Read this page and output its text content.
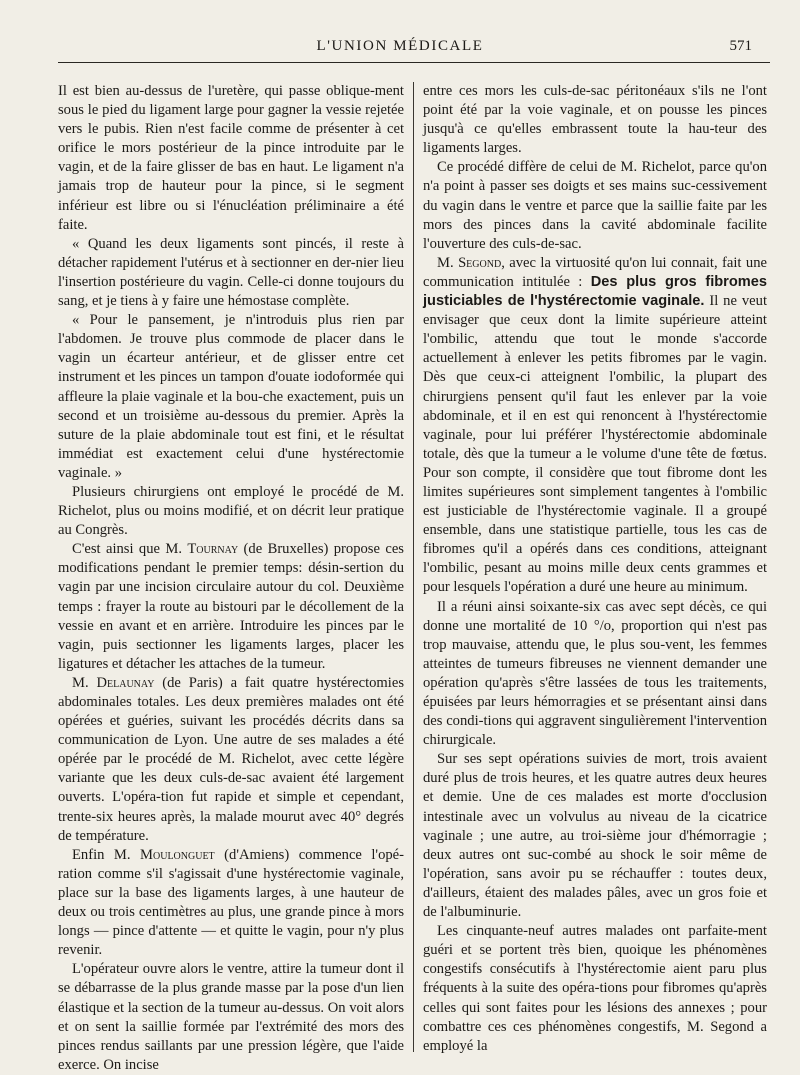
L'UNION MÉDICALE	571

Il est bien au-dessus de l'uretère, qui passe oblique-ment sous le pied du ligament large pour gagner la vessie rejetée vers le pubis. Rien n'est facile comme de présenter à cet orifice le mors postérieur de la pince introduite par le vagin, et de la faire glisser de bas en haut. Le ligament n'a jamais trop de hauteur pour la pince, si le segment inférieur est libre ou si l'énucléation préliminaire a été faite.

« Quand les deux ligaments sont pincés, il reste à détacher rapidement l'utérus et à sectionner en der-nier lieu l'insertion postérieure du vagin. Celle-ci donne toujours du sang, et je tiens à y faire une hémostase complète.

« Pour le pansement, je n'introduis plus rien par l'abdomen. Je trouve plus commode de placer dans le vagin un écarteur antérieur, et de glisser entre cet instrument et les pinces un tampon d'ouate iodoformée qui affleure la plaie vaginale et la bou-che exactement, puis un second et un troisième au-dessous du premier. Après la suture de la plaie abdominale tout est fini, et le résultat immédiat est exactement celui d'une hystérectomie vaginale. »

Plusieurs chirurgiens ont employé le procédé de M. Richelot, plus ou moins modifié, et on décrit leur pratique au Congrès.

C'est ainsi que M. Tournay (de Bruxelles) propose ces modifications pendant le premier temps: désin-sertion du vagin par une incision circulaire autour du col. Deuxième temps : frayer la route au bistouri par le décollement de la vessie en avant et en arrière. Introduire les pinces par le vagin, puis sectionner les ligaments larges, placer les ligatures et détacher les attaches de la tumeur.

M. Delaunay (de Paris) a fait quatre hystérectomies abdominales totales. Les deux premières malades ont été opérées et guéries, suivant les procédés décrits dans sa communication de Lyon. Une autre de ses malades a été opérée par le procédé de M. Richelot, avec cette légère variante que les deux culs-de-sac avaient été largement ouverts. L'opéra-tion fut rapide et simple et cependant, trente-six heures après, la malade mourut avec 40° degrés de température.

Enfin M. Moulonguet (d'Amiens) commence l'opé-ration comme s'il s'agissait d'une hystérectomie vaginale, place sur la base des ligaments larges, à une hauteur de deux ou trois centimètres au plus, une grande pince à mors longs — pince d'attente — et quitte le vagin, pour n'y plus revenir.

L'opérateur ouvre alors le ventre, attire la tumeur dont il se débarrasse de la plus grande masse par la pose d'un lien élastique et la section de la tumeur au-dessus. On voit alors et on sent la saillie formée par l'extrémité des mors des pinces rendus saillants par une pression légère, que l'aide exerce. On incise

entre ces mors les culs-de-sac péritonéaux s'ils ne l'ont point été par la voie vaginale, et on pousse les pinces jusqu'à ce qu'elles embrassent toute la hau-teur des ligaments larges.

Ce procédé diffère de celui de M. Richelot, parce qu'on n'a point à passer ses doigts et ses mains suc-cessivement du vagin dans le ventre et parce que la saillie faite par les mors des pinces dans la cavité abdominale facilite l'ouverture des culs-de-sac.

M. Segond, avec la virtuosité qu'on lui connait, fait une communication intitulée : Des plus gros fibromes justiciables de l'hystérectomie vaginale. Il ne veut envisager que ceux dont la limite supérieure atteint l'ombilic, attendu que tout le monde s'accorde actuellement à enlever les petits fibromes par le vagin. Dès que ceux-ci atteignent l'ombilic, la plupart des chirurgiens pensent qu'il faut les enlever par la voie abdominale, et il en est qui renoncent à l'hystérectomie vaginale, pour lui préférer l'hystérectomie abdominale totale, dès que la tumeur a le volume d'une tête de fœtus. Pour son compte, il considère que tout fibrome dont les limites supérieures sont simplement tangentes à l'ombilic est justiciable de l'hystérectomie vaginale. Il a groupé ensemble, dans une statistique partielle, tous les cas de fibromes qu'il a opérés dans ces conditions, atteignant l'ombilic, pesant au moins mille deux cents grammes et pour lesquels l'opération a duré une heure au minimum.

Il a réuni ainsi soixante-six cas avec sept décès, ce qui donne une mortalité de 10 °/o, proportion qui n'est pas trop mauvaise, attendu que, le plus sou-vent, les femmes atteintes de tumeurs fibreuses ne viennent demander une opération qu'après s'être lassées de tous les traitements, épuisées par leurs hémorragies et se présentant ainsi dans des condi-tions qui aggravent singulièrement l'intervention chirurgicale.

Sur ses sept opérations suivies de mort, trois avaient duré plus de trois heures, et les quatre autres deux heures et demie. Une de ces malades est morte d'occlusion intestinale avec un volvulus au niveau de la cicatrice vaginale ; une autre, au troi-sième jour d'hémorragie ; deux autres ont suc-combé au shock le soir même de l'opération, sans avoir pu se réchauffer : toutes deux, d'ailleurs, étaient des malades pâles, avec un gros foie et de l'albuminurie.

Les cinquante-neuf autres malades ont parfaite-ment guéri et se portent très bien, quoique les phénomènes congestifs consécutifs à l'hystérectomie aient paru plus fréquents à la suite des opéra-tions pour fibromes qu'après celles qui sont faites pour les lésions des annexes ; pour combattre ces ces phénomènes congestifs, M. Segond a employé la
